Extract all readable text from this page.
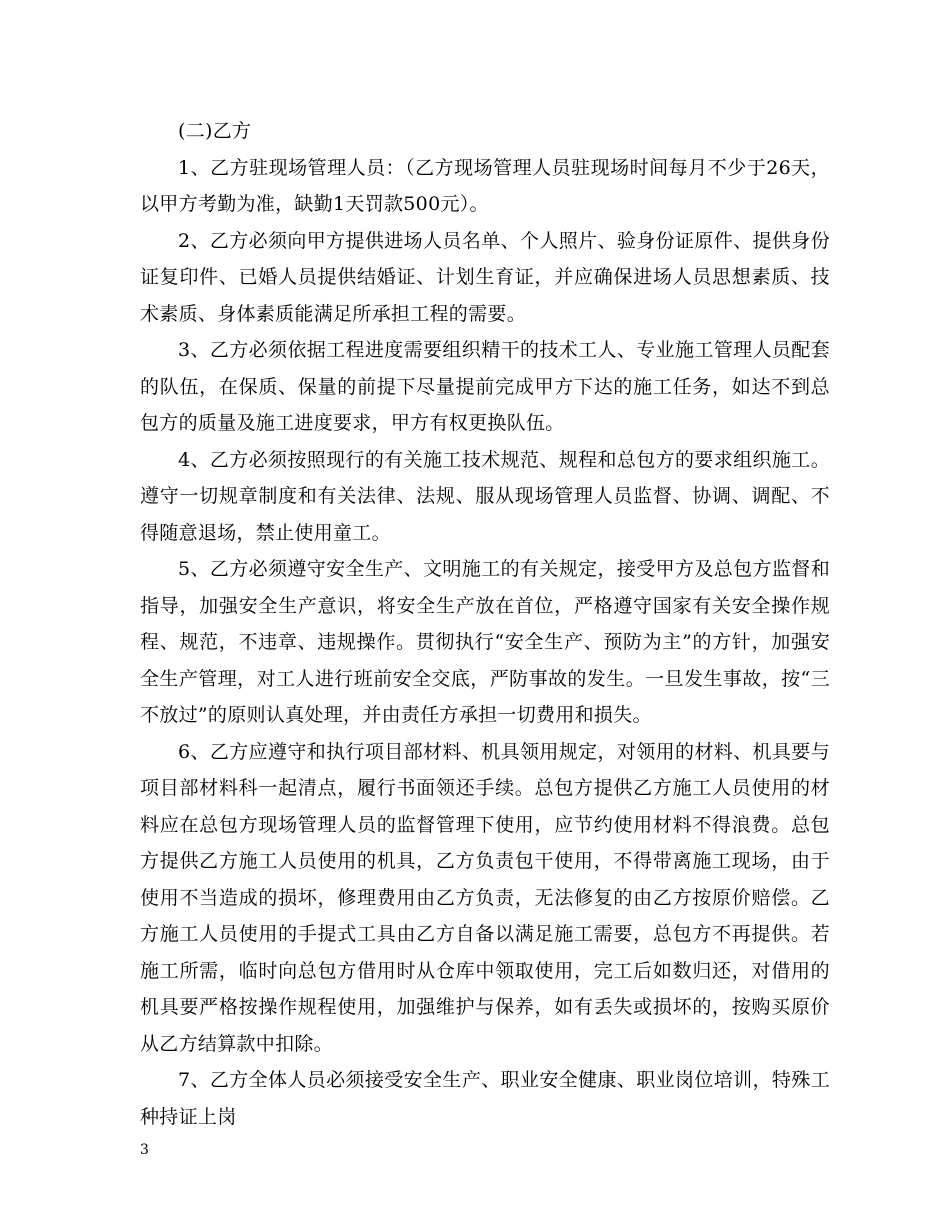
(二)乙方

1、乙方驻现场管理人员：（乙方现场管理人员驻现场时间每月不少于26天，以甲方考勤为准，缺勤1天罚款500元）。

2、乙方必须向甲方提供进场人员名单、个人照片、验身份证原件、提供身份证复印件、已婚人员提供结婚证、计划生育证，并应确保进场人员思想素质、技术素质、身体素质能满足所承担工程的需要。

3、乙方必须依据工程进度需要组织精干的技术工人、专业施工管理人员配套的队伍，在保质、保量的前提下尽量提前完成甲方下达的施工任务，如达不到总包方的质量及施工进度要求，甲方有权更换队伍。

4、乙方必须按照现行的有关施工技术规范、规程和总包方的要求组织施工。遵守一切规章制度和有关法律、法规、服从现场管理人员监督、协调、调配、不得随意退场，禁止使用童工。

5、乙方必须遵守安全生产、文明施工的有关规定，接受甲方及总包方监督和指导，加强安全生产意识，将安全生产放在首位，严格遵守国家有关安全操作规程、规范，不违章、违规操作。贯彻执行“安全生产、预防为主”的方针，加强安全生产管理，对工人进行班前安全交底，严防事故的发生。一旦发生事故，按“三不放过”的原则认真处理，并由责任方承担一切费用和损失。

6、乙方应遵守和执行项目部材料、机具领用规定，对领用的材料、机具要与项目部材料科一起清点，履行书面领还手续。总包方提供乙方施工人员使用的材料应在总包方现场管理人员的监督管理下使用，应节约使用材料不得浪费。总包方提供乙方施工人员使用的机具，乙方负责包干使用，不得带离施工现场，由于使用不当造成的损坏，修理费用由乙方负责，无法修复的由乙方按原价赔偿。乙方施工人员使用的手提式工具由乙方自备以满足施工需要，总包方不再提供。若施工所需，临时向总包方借用时从仓库中领取使用，完工后如数归还，对借用的机具要严格按操作规程使用，加强维护与保养，如有丢失或损坏的，按购买原价从乙方结算款中扣除。

7、乙方全体人员必须接受安全生产、职业安全健康、职业岗位培训，特殊工种持证上岗

3
